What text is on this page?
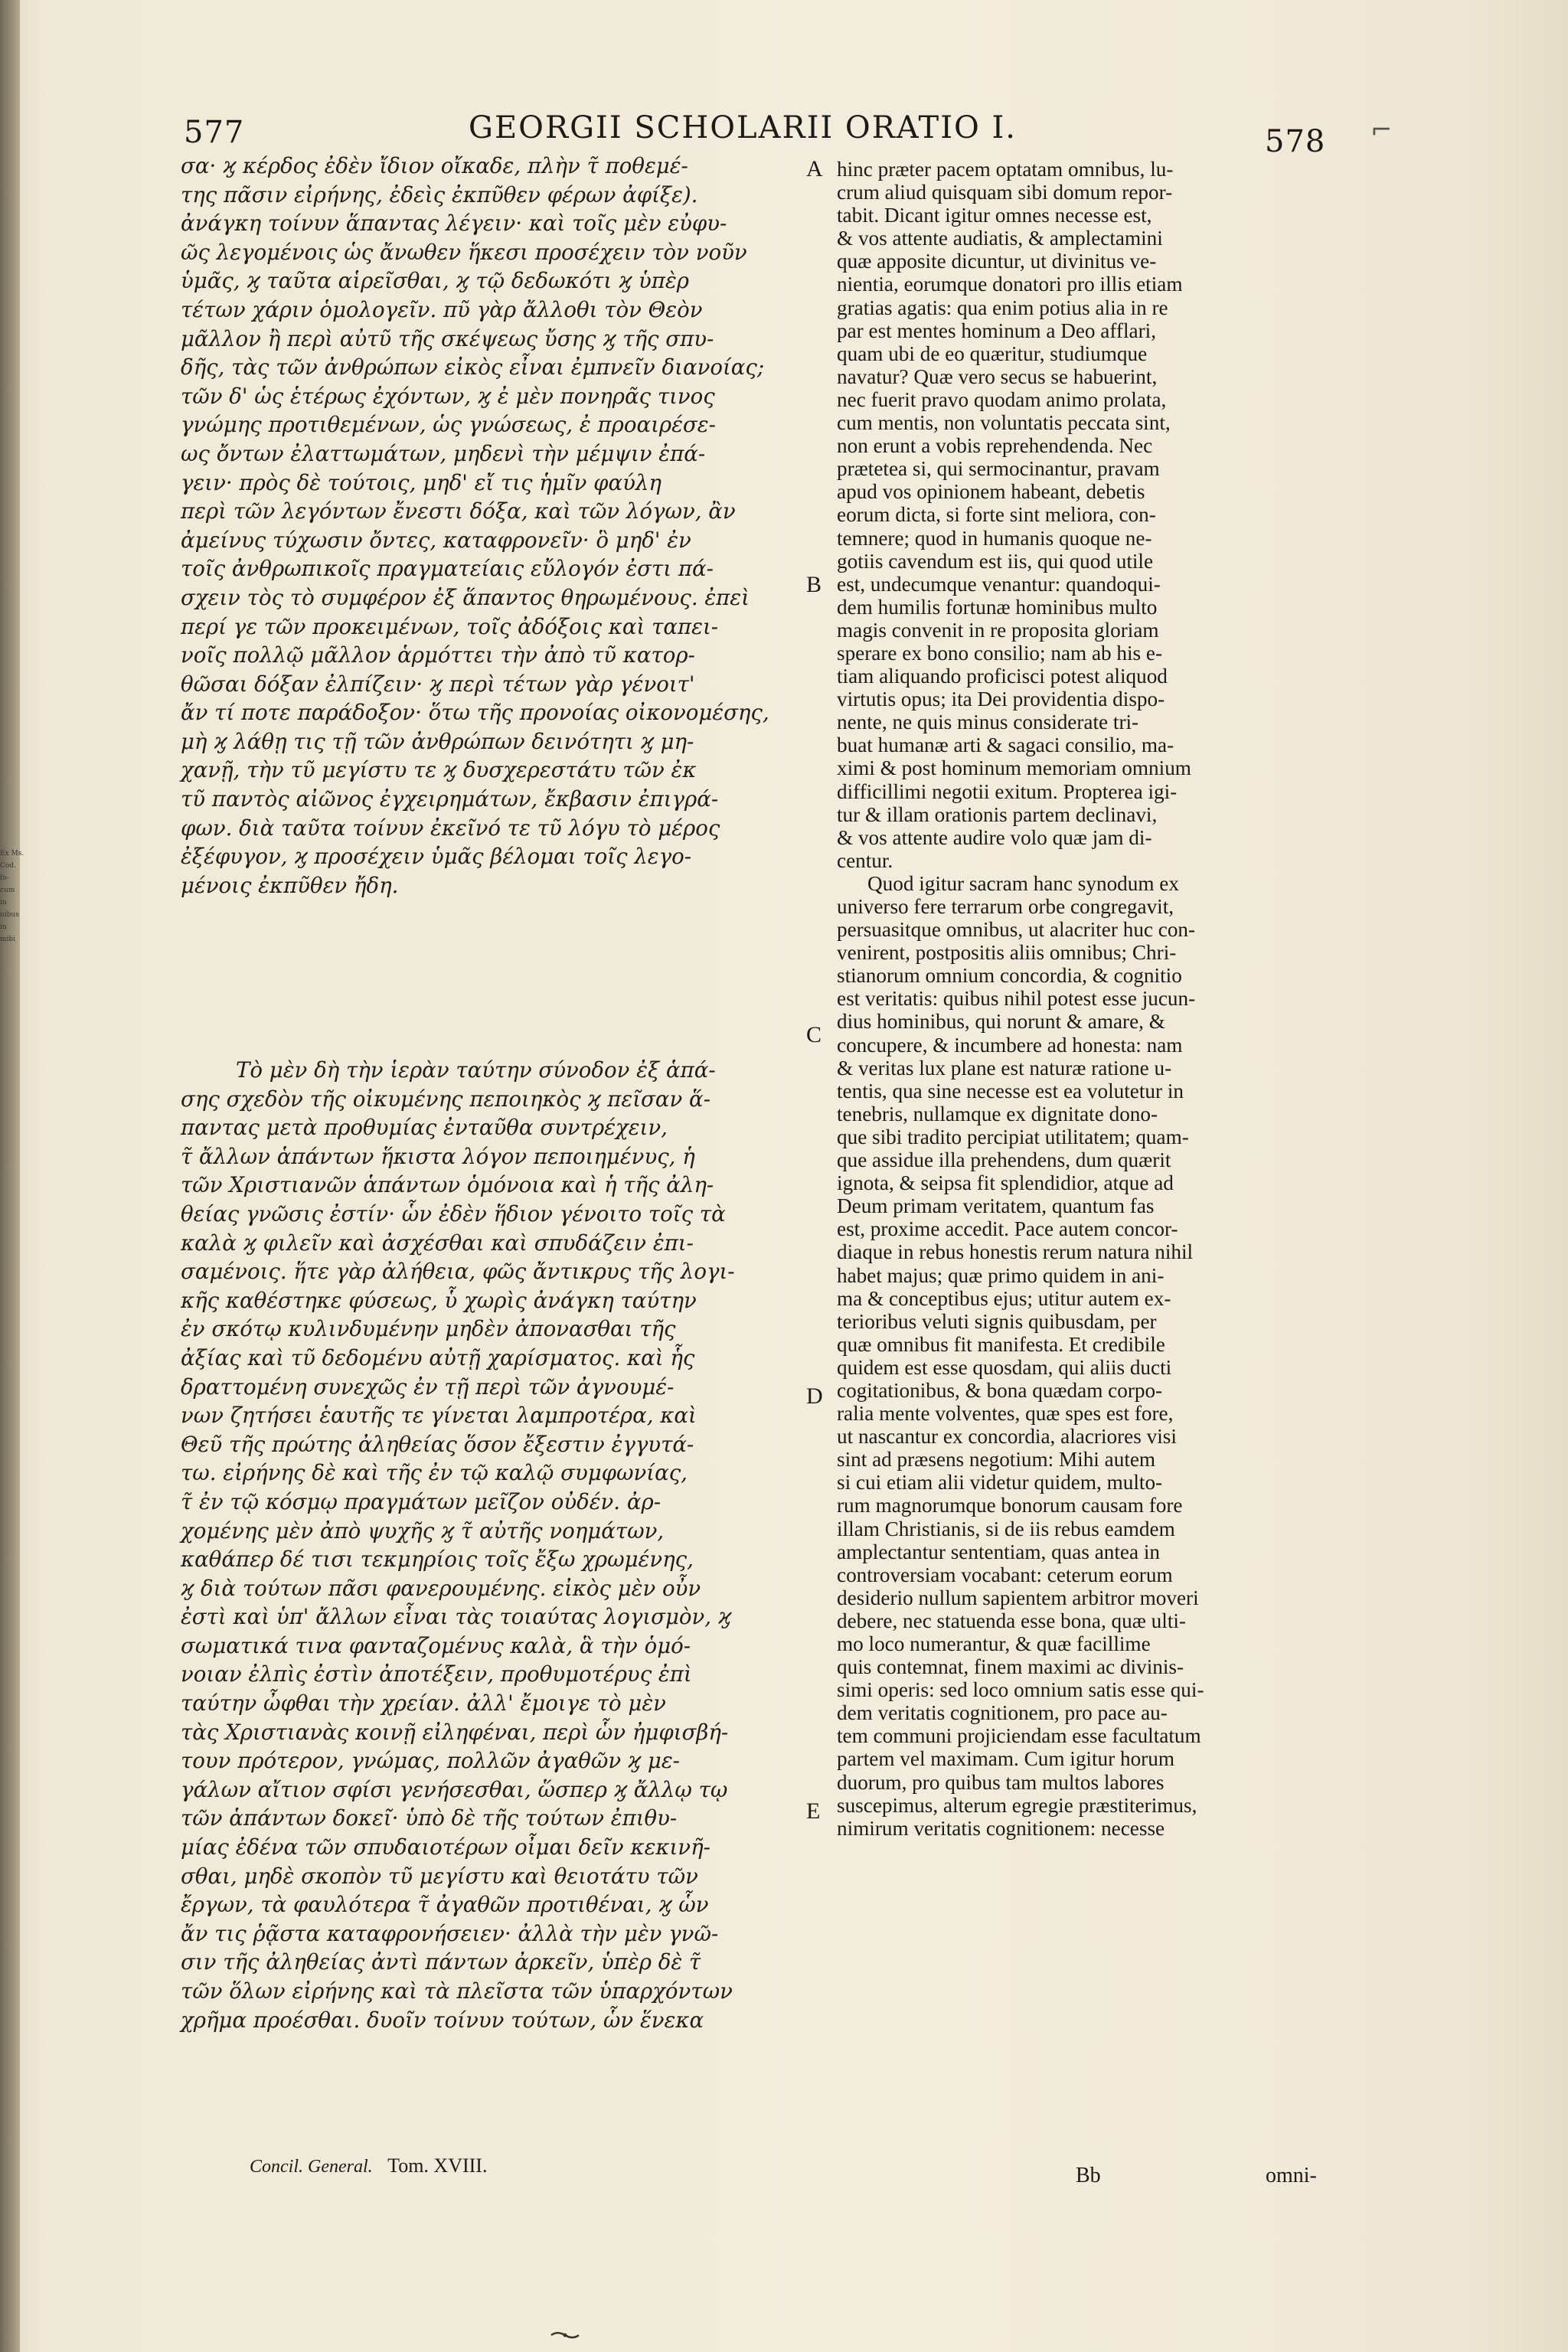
Ex Ms.
Cod.
fo-
cum
in
nibus
in
mibi
577	GEORGII SCHOLARII ORATIO I.	578 ⌐

σα· ϗ κέρδος ἐδὲν ἴδιον οἴκαδε, πλὴν τ̃ ποθεμέ-

της πᾶσιν εἰρήνης, ἐδεὶς ἐκπῦθεν φέρων ἀφίξε).

ἀνάγκη τοίνυν ἅπαντας λέγειν· καὶ τοῖς μὲν εὐφυ-

ῶς λεγομένοις ὡς ἄνωθεν ἥκεσι προσέχειν τὸν νοῦν

ὑμᾶς, ϗ ταῦτα αἱρεῖσθαι, ϗ τῷ δεδωκότι ϗ ὑπὲρ

τέτων χάριν ὁμολογεῖν. πῦ γὰρ ἄλλοθι τὸν Θεὸν

μᾶλλον ἢ περὶ αὐτῦ τῆς σκέψεως ὔσης ϗ τῆς σπυ-

δῆς, τὰς τῶν ἀνθρώπων εἰκὸς εἶναι ἐμπνεῖν διανοίας;

τῶν δ' ὡς ἑτέρως ἐχόντων, ϗ ἐ μὲν πονηρᾶς τινος

γνώμης προτιθεμένων, ὡς γνώσεως, ἐ προαιρέσε-

ως ὄντων ἐλαττωμάτων, μηδενὶ τὴν μέμψιν ἐπά-

γειν· πρὸς δὲ τούτοις, μηδ' εἴ τις ἡμῖν φαύλη

περὶ τῶν λεγόντων ἔνεστι δόξα, καὶ τῶν λόγων, ἂν

ἀμείνυς τύχωσιν ὄντες, καταφρονεῖν· ὃ μηδ' ἐν

τοῖς ἀνθρωπικοῖς πραγματείαις εὔλογόν ἐστι πά-

σχειν τὸς τὸ συμφέρον ἐξ ἅπαντος θηρωμένους. ἐπεὶ

περί γε τῶν προκειμένων, τοῖς ἀδόξοις καὶ ταπει-

νοῖς πολλῷ μᾶλλον ἁρμόττει τὴν ἀπὸ τῦ κατορ-

θῶσαι δόξαν ἐλπίζειν· ϗ περὶ τέτων γὰρ γένοιτ'

ἄν τί ποτε παράδοξον· ὅτω τῆς προνοίας οἰκονομέσης,

μὴ ϗ λάθῃ τις τῇ τῶν ἀνθρώπων δεινότητι ϗ μη-

χανῇ, τὴν τῦ μεγίστυ τε ϗ δυσχερεστάτυ τῶν ἐκ

τῦ παντὸς αἰῶνος ἐγχειρημάτων, ἔκβασιν ἐπιγρά-

φων. διὰ ταῦτα τοίνυν ἐκεῖνό τε τῦ λόγυ τὸ μέρος

ἐξέφυγον, ϗ προσέχειν ὑμᾶς βέλομαι τοῖς λεγο-

μένοις ἐκπῦθεν ἤδη.

Τὸ μὲν δὴ τὴν ἱερὰν ταύτην σύνοδον ἐξ ἁπά-

σης σχεδὸν τῆς οἰκυμένης πεποιηκὸς ϗ πεῖσαν ἅ-

παντας μετὰ προθυμίας ἐνταῦθα συντρέχειν,

τ̃ ἄλλων ἁπάντων ἥκιστα λόγον πεποιημένυς, ἡ

τῶν Χριστιανῶν ἁπάντων ὁμόνοια καὶ ἡ τῆς ἀλη-

θείας γνῶσις ἐστίν· ὧν ἐδὲν ἥδιον γένοιτο τοῖς τὰ

καλὰ ϗ φιλεῖν καὶ ἀσχέσθαι καὶ σπυδάζειν ἐπι-

σαμένοις. ἥτε γὰρ ἀλήθεια, φῶς ἄντικρυς τῆς λογι-

κῆς καθέστηκε φύσεως, ὗ χωρὶς ἀνάγκη ταύτην

ἐν σκότῳ κυλινδυμένην μηδὲν ἀπονασθαι τῆς

ἀξίας καὶ τῦ δεδομένυ αὐτῇ χαρίσματος. καὶ ἧς

δραττομένη συνεχῶς ἐν τῇ περὶ τῶν ἀγνουμέ-

νων ζητήσει ἑαυτῆς τε γίνεται λαμπροτέρα, καὶ

Θεῦ τῆς πρώτης ἀληθείας ὅσον ἔξεστιν ἐγγυτά-

τω. εἰρήνης δὲ καὶ τῆς ἐν τῷ καλῷ συμφωνίας,

τ̃ ἐν τῷ κόσμῳ πραγμάτων μεῖζον οὐδέν. ἀρ-

χομένης μὲν ἀπὸ ψυχῆς ϗ τ̃ αὐτῆς νοημάτων,

καθάπερ δέ τισι τεκμηρίοις τοῖς ἔξω χρωμένης,

ϗ διὰ τούτων πᾶσι φανερουμένης. εἰκὸς μὲν οὖν

ἐστὶ καὶ ὑπ' ἄλλων εἶναι τὰς τοιαύτας λογισμὸν, ϗ

σωματικά τινα φανταζομένυς καλὰ, ἃ τὴν ὁμό-

νοιαν ἐλπὶς ἐστὶν ἀποτέξειν, προθυμοτέρυς ἐπὶ

ταύτην ὦφθαι τὴν χρείαν. ἀλλ' ἔμοιγε τὸ μὲν

τὰς Χριστιανὰς κοινῇ εἰληφέναι, περὶ ὧν ἠμφισβή-

τουν πρότερον, γνώμας, πολλῶν ἀγαθῶν ϗ με-

γάλων αἴτιον σφίσι γενήσεσθαι, ὥσπερ ϗ ἄλλῳ τῳ

τῶν ἁπάντων δοκεῖ· ὑπὸ δὲ τῆς τούτων ἐπιθυ-

μίας ἐδένα τῶν σπυδαιοτέρων οἶμαι δεῖν κεκινῆ-

σθαι, μηδὲ σκοπὸν τῦ μεγίστυ καὶ θειοτάτυ τῶν

ἔργων, τὰ φαυλότερα τ̃ ἀγαθῶν προτιθέναι, ϗ ὧν

ἄν τις ῥᾷστα καταφρονήσειεν· ἀλλὰ τὴν μὲν γνῶ-

σιν τῆς ἀληθείας ἀντὶ πάντων ἀρκεῖν, ὑπὲρ δὲ τ̃

τῶν ὅλων εἰρήνης καὶ τὰ πλεῖστα τῶν ὑπαρχόντων

χρῆμα προέσθαι. δυοῖν τοίνυν τούτων, ὧν ἕνεκα

hinc præter pacem optatam omnibus, lu-

crum aliud quisquam sibi domum repor-

tabit. Dicant igitur omnes necesse est,

& vos attente audiatis, & amplectamini

quæ apposite dicuntur, ut divinitus ve-

nientia, eorumque donatori pro illis etiam

gratias agatis: qua enim potius alia in re

par est mentes hominum a Deo afflari,

quam ubi de eo quæritur, studiumque

navatur? Quæ vero secus se habuerint,

nec fuerit pravo quodam animo prolata,

cum mentis, non voluntatis peccata sint,

non erunt a vobis reprehendenda. Nec

prætetea si, qui sermocinantur, pravam

apud vos opinionem habeant, debetis

eorum dicta, si forte sint meliora, con-

temnere; quod in humanis quoque ne-

gotiis cavendum est iis, qui quod utile

est, undecumque venantur: quandoqui-

dem humilis fortunæ hominibus multo

magis convenit in re proposita gloriam

sperare ex bono consilio; nam ab his e-

tiam aliquando proficisci potest aliquod

virtutis opus; ita Dei providentia dispo-

nente, ne quis minus considerate tri-

buat humanæ arti & sagaci consilio, ma-

ximi & post hominum memoriam omnium

difficillimi negotii exitum. Propterea igi-

tur & illam orationis partem declinavi,

& vos attente audire volo quæ jam di-

centur.

Quod igitur sacram hanc synodum ex

universo fere terrarum orbe congregavit,

persuasitque omnibus, ut alacriter huc con-

venirent, postpositis aliis omnibus; Chri-

stianorum omnium concordia, & cognitio

est veritatis: quibus nihil potest esse jucun-

dius hominibus, qui norunt & amare, &

concupere, & incumbere ad honesta: nam

& veritas lux plane est naturæ ratione u-

tentis, qua sine necesse est ea volutetur in

tenebris, nullamque ex dignitate dono-

que sibi tradito percipiat utilitatem; quam-

que assidue illa prehendens, dum quærit

ignota, & seipsa fit splendidior, atque ad

Deum primam veritatem, quantum fas

est, proxime accedit. Pace autem concor-

diaque in rebus honestis rerum natura nihil

habet majus; quæ primo quidem in ani-

ma & conceptibus ejus; utitur autem ex-

terioribus veluti signis quibusdam, per

quæ omnibus fit manifesta. Et credibile

quidem est esse quosdam, qui aliis ducti

cogitationibus, & bona quædam corpo-

ralia mente volventes, quæ spes est fore,

ut nascantur ex concordia, alacriores visi

sint ad præsens negotium: Mihi autem

si cui etiam alii videtur quidem, multo-

rum magnorumque bonorum causam fore

illam Christianis, si de iis rebus eamdem

amplectantur sententiam, quas antea in

controversiam vocabant: ceterum eorum

desiderio nullum sapientem arbitror moveri

debere, nec statuenda esse bona, quæ ulti-

mo loco numerantur, & quæ facillime

quis contemnat, finem maximi ac divinis-

simi operis: sed loco omnium satis esse qui-

dem veritatis cognitionem, pro pace au-

tem communi projiciendam esse facultatum

partem vel maximam. Cum igitur horum

duorum, pro quibus tam multos labores

suscepimus, alterum egregie præstiterimus,

nimirum veritatis cognitionem: necesse

A
B
C
D
E
Concil. General. Tom. XVIII.	Bb	omni-
